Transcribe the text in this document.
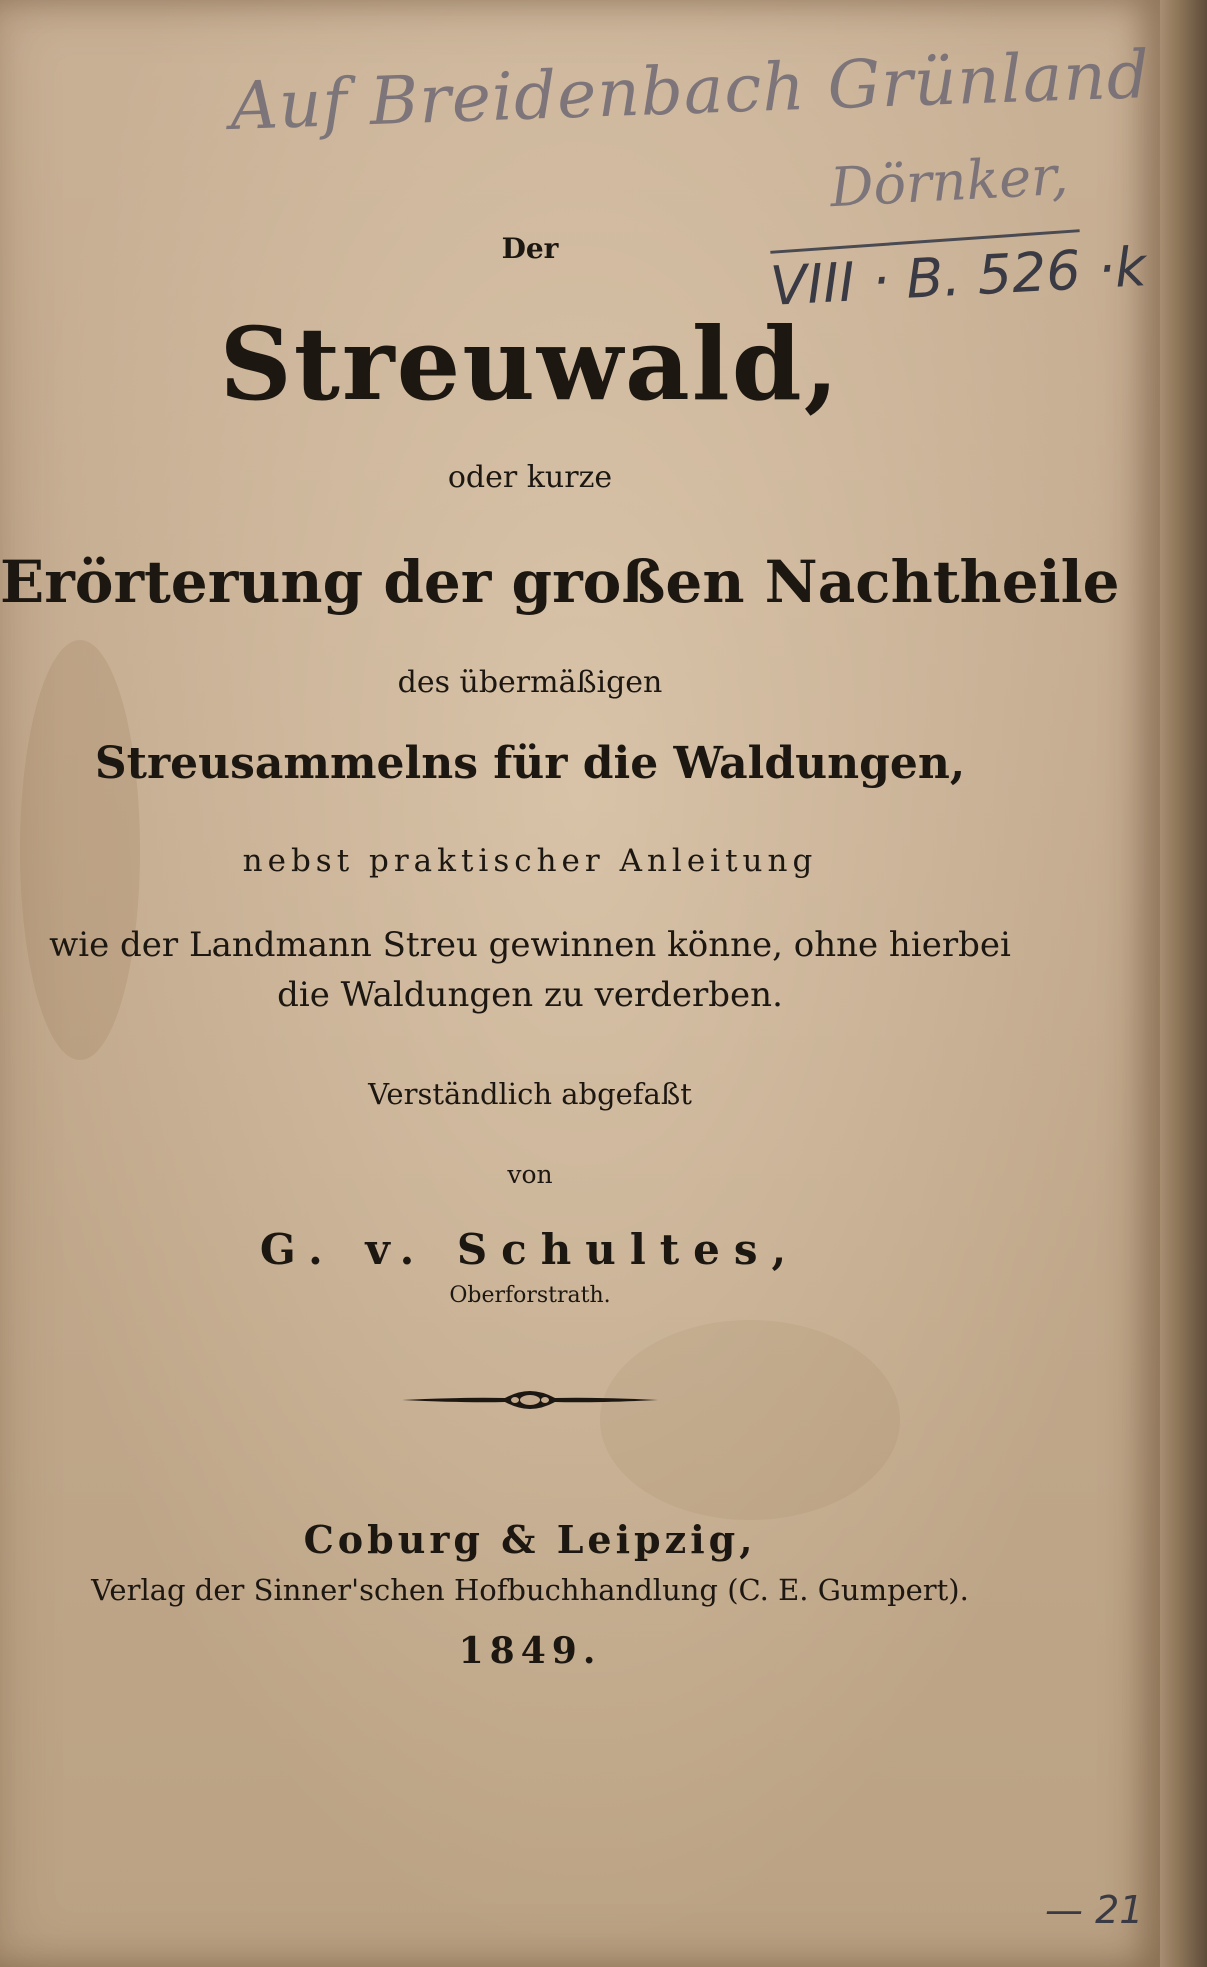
Auf Breidenbach Grünland
Dörnker,
VIII · B. 526 ·k
Der
Streuwald,
oder kurze
Erörterung der großen Nachtheile
des übermäßigen
Streusammelns für die Waldungen,
nebst praktischer Anleitung
wie der Landmann Streu gewinnen könne, ohne hierbei
die Waldungen zu verderben.
Verständlich abgefaßt
von
G. v. Schultes,
Oberforstrath.
Coburg & Leipzig,
Verlag der Sinner'schen Hofbuchhandlung (C. E. Gumpert).
1849.
— 21
